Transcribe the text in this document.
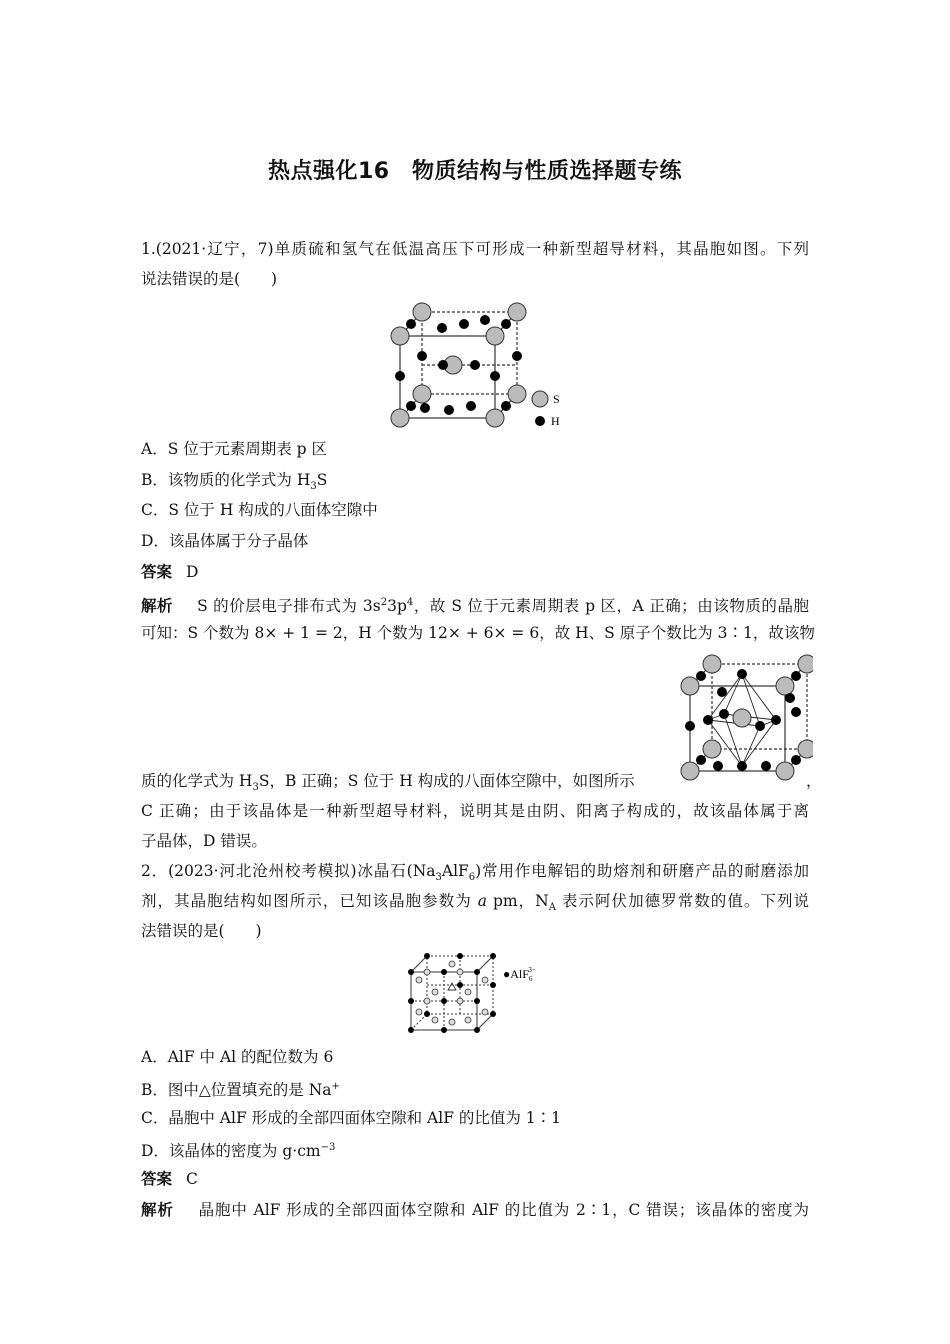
热点强化16　物质结构与性质选择题专练
1.(2021·辽宁，7)单质硫和氢气在低温高压下可形成一种新型超导材料，其晶胞如图。下列
说法错误的是(　　)
S
H
A．S 位于元素周期表 p 区
B．该物质的化学式为 $H_3S$
C．S 位于 H 构成的八面体空隙中
D．该晶体属于分子晶体
答案 D
解析 S 的价层电子排布式为 $3s^23p^4$，故 S 位于元素周期表 p 区，A 正确；由该物质的晶胞
可知：S 个数为 8× + 1 = 2，H 个数为 12× + 6× = 6，故 H、S 原子个数比为 3∶1，故该物
质的化学式为 $H_3S$，B 正确；S 位于 H 构成的八面体空隙中，如图所示	，
C 正确；由于该晶体是一种新型超导材料，说明其是由阴、阳离子构成的，故该晶体属于离
子晶体，D 错误。
2．(2023·河北沧州校考模拟)冰晶石$(Na_3AlF_6)$常用作电解铝的助熔剂和研磨产品的耐磨添加
剂，其晶胞结构如图所示，已知该晶胞参数为 a pm，$N_A$ 表示阿伏加德罗常数的值。下列说
法错误的是(　　)
●AlF$_6$3−
A．AlF 中 Al 的配位数为 6
B．图中△位置填充的是 Na+
C．晶胞中 AlF 形成的全部四面体空隙和 AlF 的比值为 1∶1
D．该晶体的密度为 $g\cdot cm^{-3}$
答案 C
解析 晶胞中 AlF 形成的全部四面体空隙和 AlF 的比值为 2∶1，C 错误；该晶体的密度为
